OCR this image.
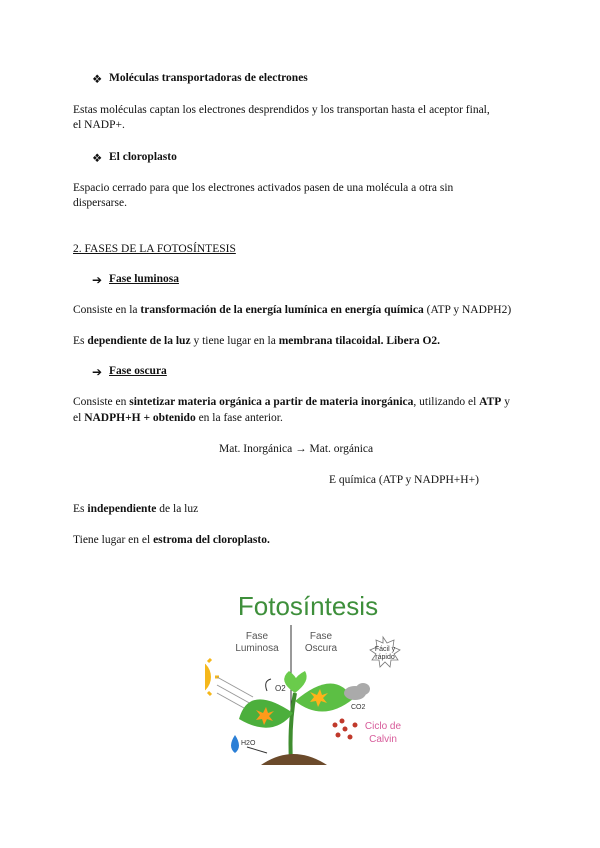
❖ Moléculas transportadoras de electrones
Estas moléculas captan los electrones desprendidos y los transportan hasta el aceptor final,
el NADP+.
❖ El cloroplasto
Espacio cerrado para que los electrones activados pasen de una molécula a otra sin
dispersarse.
2. FASES DE LA FOTOSÍNTESIS
➔ Fase luminosa
Consiste en la transformación de la energía lumínica en energía química (ATP y NADPH2)
Es dependiente de la luz y tiene lugar en la membrana tilacoidal. Libera O2.
➔ Fase oscura
Consiste en sintetizar materia orgánica a partir de materia inorgánica, utilizando el ATP y
el NADPH+H + obtenido en la fase anterior.
Mat. Inorgánica → Mat. orgánica
E química (ATP y NADPH+H+)
Es independiente de la luz
Tiene lugar en el estroma del cloroplasto.
Fotosíntesis
Fase
Luminosa
Fase
Oscura	Fácil y
rápido
O2
CO2
Ciclo de
Calvin
H2O
